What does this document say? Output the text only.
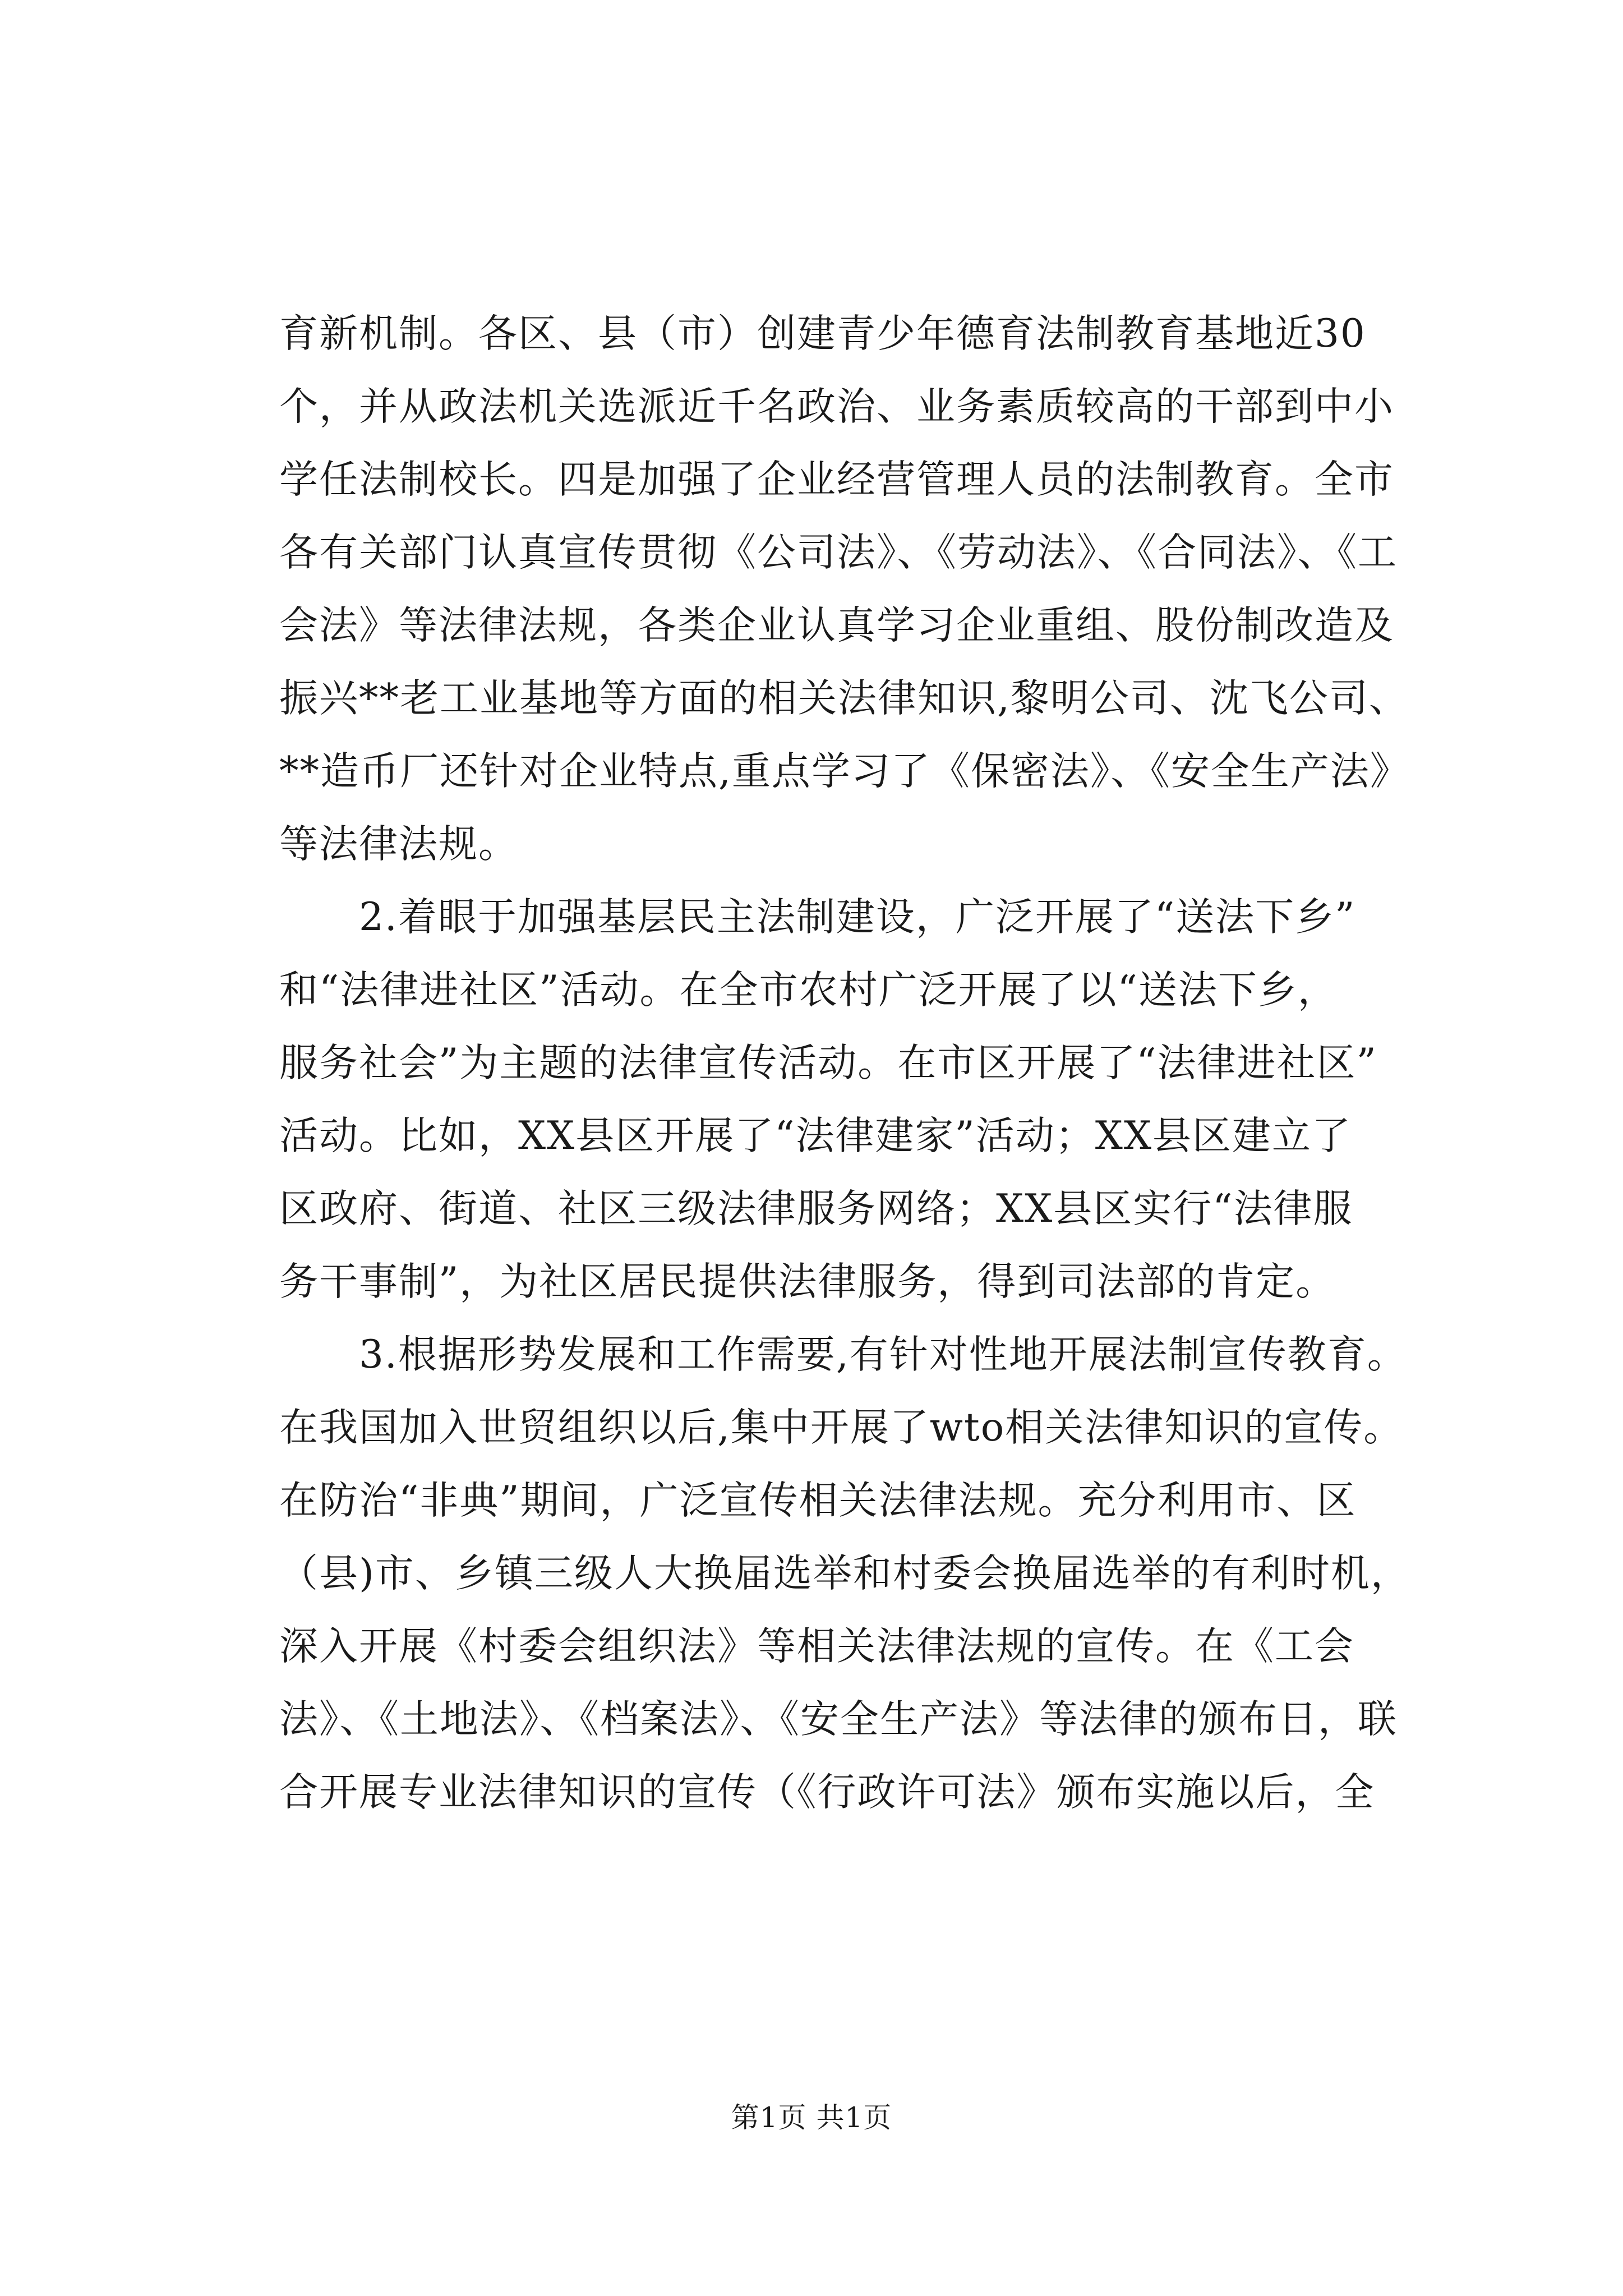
育新机制。各区、县（市）创建青少年德育法制教育基地近30
个，并从政法机关选派近千名政治、业务素质较高的干部到中小
学任法制校长。四是加强了企业经营管理人员的法制教育。全市
各有关部门认真宣传贯彻《公司法》、《劳动法》、《合同法》、《工
会法》等法律法规，各类企业认真学习企业重组、股份制改造及
振兴**老工业基地等方面的相关法律知识,黎明公司、沈飞公司、
**造币厂还针对企业特点,重点学习了《保密法》、《安全生产法》
等法律法规。
　　2.着眼于加强基层民主法制建设，广泛开展了“送法下乡”
和“法律进社区”活动。在全市农村广泛开展了以“送法下乡，
服务社会”为主题的法律宣传活动。在市区开展了“法律进社区”
活动。比如，XX县区开展了“法律建家”活动；XX县区建立了
区政府、街道、社区三级法律服务网络；XX县区实行“法律服
务干事制”，为社区居民提供法律服务，得到司法部的肯定。
　　3.根据形势发展和工作需要,有针对性地开展法制宣传教育。
在我国加入世贸组织以后,集中开展了wto相关法律知识的宣传。
在防治“非典”期间，广泛宣传相关法律法规。充分利用市、区
（县)市、乡镇三级人大换届选举和村委会换届选举的有利时机，
深入开展《村委会组织法》等相关法律法规的宣传。在《工会
法》、《土地法》、《档案法》、《安全生产法》等法律的颁布日，联
合开展专业法律知识的宣传（《行政许可法》颁布实施以后，全
第1页 共1页
